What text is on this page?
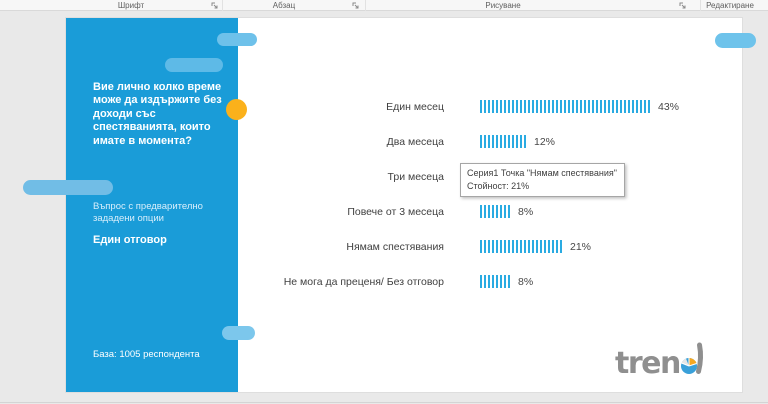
Шрифт	Абзац	Рисуване	Редактиране
Вие лично колко време може да издържите без доходи със спестяванията, които имате в момента?
Въпрос с предварително зададени опции
Един отговор
База: 1005 респондента
Един месец	43%
Два месеца	12%
Три месеца
Повече от 3 месеца	8%
Нямам спестявания	21%
Не мога да преценя/ Без отговор	8%
Серия1 Точка "Нямам спестявания"
Стойност: 21%
tren
